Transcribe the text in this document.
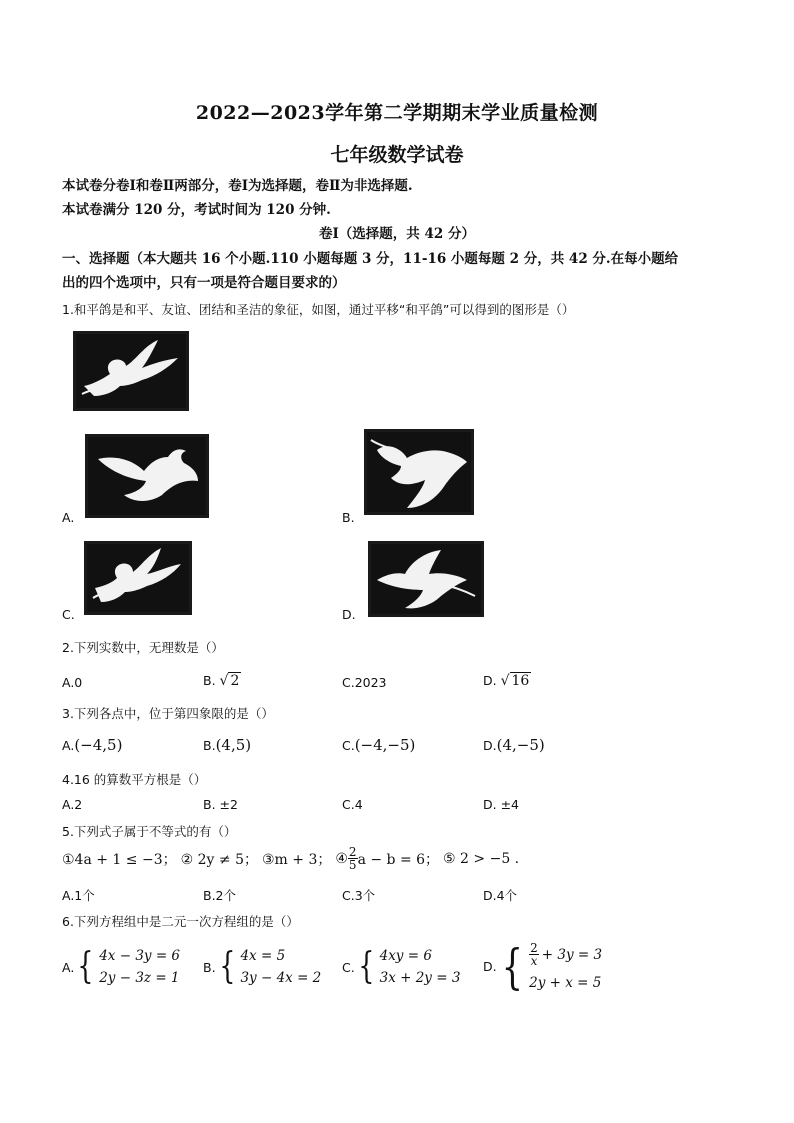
2022—2023学年第二学期期末学业质量检测
七年级数学试卷
本试卷分卷Ⅰ和卷Ⅱ两部分，卷Ⅰ为选择题，卷Ⅱ为非选择题.
本试卷满分 120 分，考试时间为 120 分钟.
卷Ⅰ（选择题，共 42 分）
一、选择题（本大题共 16 个小题.110 小题每题 3 分，11-16 小题每题 2 分，共 42 分.在每小题给
出的四个选项中，只有一项是符合题目要求的）
1.和平鸽是和平、友谊、团结和圣洁的象征，如图，通过平移“和平鸽”可以得到的图形是（）
A.	B.
C.	D.
2.下列实数中，无理数是（）
A.0	B. √ 2	C.2023	D. √ 16
3.下列各点中，位于第四象限的是（）
A.(−4,5)	B.(4,5)	C.(−4,−5)	D.(4,−5)
4.16 的算数平方根是（）
A.2	B. ±2	C.4	D. ±4
5.下列式子属于不等式的有（）
①4a + 1 ≤ −3； ② 2y ≠ 5； ③m + 3； ④ $\frac{2}{5}$ a − b = 6； ⑤ 2 > −5 .
A.1个	B.2个	C.3个	D.4个
6.下列方程组中是二元一次方程组的是（）
A. { 4x − 3y = 6
2y − 3z = 1
B. { 4x = 5
3y − 4x = 2
C. { 4xy = 6
3x + 2y = 3
D. { $\frac{2}{x} + 3y = 3$
2y + x = 5
